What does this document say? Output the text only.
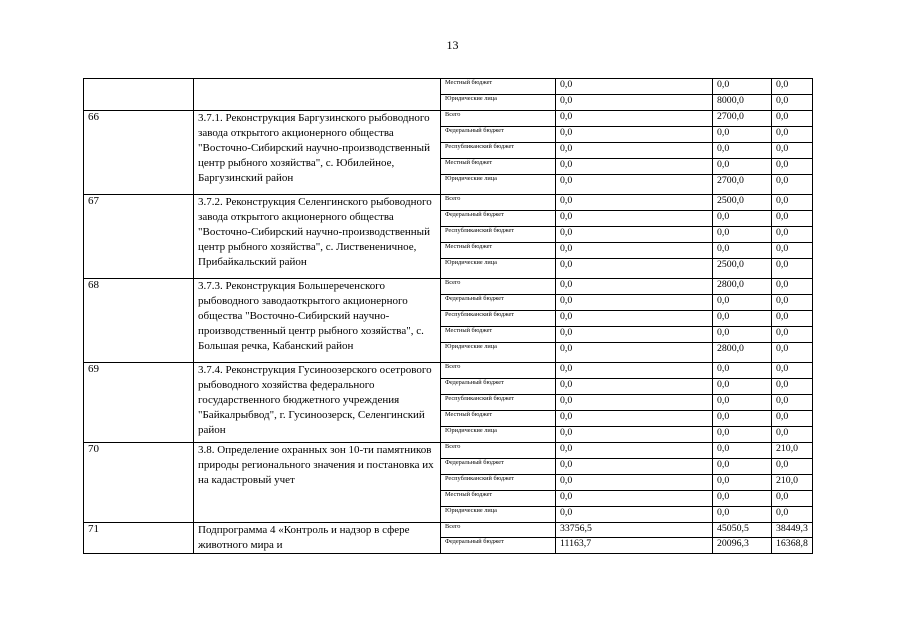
13
		Местный бюджет	0,0	0,0	0,0
		Юридические лица	0,0	8000,0	0,0
66	3.7.1. Реконструкция Баргузинского рыбоводного завода открытого акционерного общества "Восточно-Сибирский научно-производственный центр рыбного хозяйства", с. Юбилейное, Баргузинский район	Всего	0,0	2700,0	0,0
		Федеральный бюджет	0,0	0,0	0,0
		Республиканский бюджет	0,0	0,0	0,0
		Местный бюджет	0,0	0,0	0,0
		Юридические лица	0,0	2700,0	0,0
67	3.7.2. Реконструкция Селенгинского рыбоводного завода открытого акционерного общества "Восточно-Сибирский научно-производственный центр рыбного хозяйства", с. Листвененичное, Прибайкальский район	Всего	0,0	2500,0	0,0
		Федеральный бюджет	0,0	0,0	0,0
		Республиканский бюджет	0,0	0,0	0,0
		Местный бюджет	0,0	0,0	0,0
		Юридические лица	0,0	2500,0	0,0
68	3.7.3. Реконструкция Большереченского рыбоводного заводаоткрытого акционерного общества "Восточно-Сибирский научно-производственный центр рыбного хозяйства", с. Большая речка, Кабанский район	Всего	0,0	2800,0	0,0
		Федеральный бюджет	0,0	0,0	0,0
		Республиканский бюджет	0,0	0,0	0,0
		Местный бюджет	0,0	0,0	0,0
		Юридические лица	0,0	2800,0	0,0
69	3.7.4. Реконструкция Гусиноозерского осетрового рыбоводного хозяйства федерального государственного бюджетного учреждения "Байкалрыбвод", г. Гусиноозерск, Селенгинский район	Всего	0,0	0,0	0,0
		Федеральный бюджет	0,0	0,0	0,0
		Республиканский бюджет	0,0	0,0	0,0
		Местный бюджет	0,0	0,0	0,0
		Юридические лица	0,0	0,0	0,0
70	3.8. Определение охранных зон 10-ти памятников природы регионального значения и постановка их на кадастровый учет	Всего	0,0	0,0	210,0
		Федеральный бюджет	0,0	0,0	0,0
		Республиканский бюджет	0,0	0,0	210,0
		Местный бюджет	0,0	0,0	0,0
		Юридические лица	0,0	0,0	0,0
71	Подпрограмма 4 «Контроль и надзор в сфере животного мира и	Всего	33756,5	45050,5	38449,3
		Федеральный бюджет	11163,7	20096,3	16368,8
